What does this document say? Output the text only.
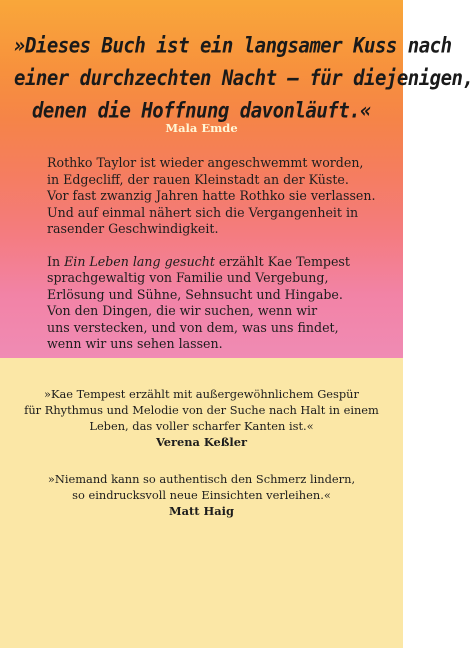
»Dieses Buch ist ein langsamer Kuss nach
einer durchzechten Nacht – für diejenigen,
denen die Hoffnung davonläuft.«
Mala Emde

Rothko Taylor ist wieder angeschwemmt worden,
in Edgecliff, der rauen Kleinstadt an der Küste.
Vor fast zwanzig Jahren hatte Rothko sie verlassen.
Und auf einmal nähert sich die Vergangenheit in
rasender Geschwindigkeit.

In Ein Leben lang gesucht erzählt Kae Tempest
sprachgewaltig von Familie und Vergebung,
Erlösung und Sühne, Sehnsucht und Hingabe.
Von den Dingen, die wir suchen, wenn wir
uns verstecken, und von dem, was uns findet,
wenn wir uns sehen lassen.

»Kae Tempest erzählt mit außergewöhnlichem Gespür
für Rhythmus und Melodie von der Suche nach Halt in einem
Leben, das voller scharfer Kanten ist.«
Verena Keßler
»Niemand kann so authentisch den Schmerz lindern,
so eindrucksvoll neue Einsichten verleihen.«
Matt Haig
